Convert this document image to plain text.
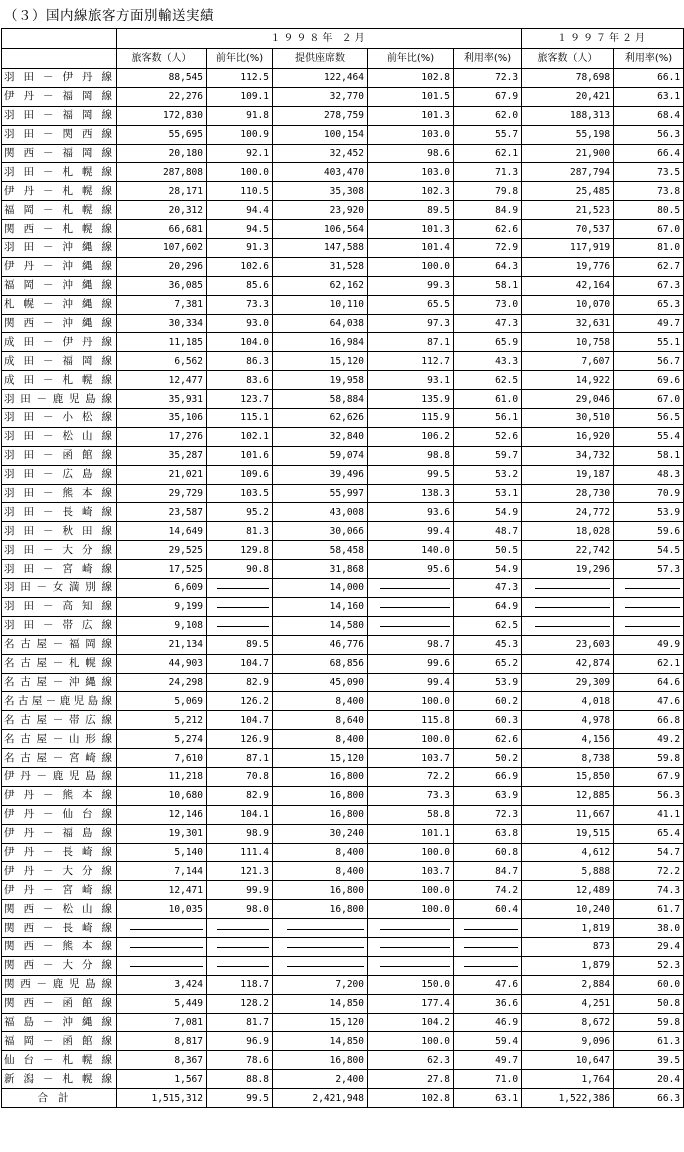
（３）国内線旅客方面別輸送実績
	１９９８年 ２月					１９９７年２月	
	旅客数（人）	前年比(%)	提供座席数	前年比(%)	利用率(%)	旅客数（人）	利用率(%)
羽田－伊丹線	88,545	112.5	122,464	102.8	72.3	78,698	66.1
伊丹－福岡線	22,276	109.1	32,770	101.5	67.9	20,421	63.1
羽田－福岡線	172,830	91.8	278,759	101.3	62.0	188,313	68.4
羽田－関西線	55,695	100.9	100,154	103.0	55.7	55,198	56.3
関西－福岡線	20,180	92.1	32,452	98.6	62.1	21,900	66.4
羽田－札幌線	287,808	100.0	403,470	103.0	71.3	287,794	73.5
伊丹－札幌線	28,171	110.5	35,308	102.3	79.8	25,485	73.8
福岡－札幌線	20,312	94.4	23,920	89.5	84.9	21,523	80.5
関西－札幌線	66,681	94.5	106,564	101.3	62.6	70,537	67.0
羽田－沖縄線	107,602	91.3	147,588	101.4	72.9	117,919	81.0
伊丹－沖縄線	20,296	102.6	31,528	100.0	64.3	19,776	62.7
福岡－沖縄線	36,085	85.6	62,162	99.3	58.1	42,164	67.3
札幌－沖縄線	7,381	73.3	10,110	65.5	73.0	10,070	65.3
関西－沖縄線	30,334	93.0	64,038	97.3	47.3	32,631	49.7
成田－伊丹線	11,185	104.0	16,984	87.1	65.9	10,758	55.1
成田－福岡線	6,562	86.3	15,120	112.7	43.3	7,607	56.7
成田－札幌線	12,477	83.6	19,958	93.1	62.5	14,922	69.6
羽田－鹿児島線	35,931	123.7	58,884	135.9	61.0	29,046	67.0
羽田－小松線	35,106	115.1	62,626	115.9	56.1	30,510	56.5
羽田－松山線	17,276	102.1	32,840	106.2	52.6	16,920	55.4
羽田－函館線	35,287	101.6	59,074	98.8	59.7	34,732	58.1
羽田－広島線	21,021	109.6	39,496	99.5	53.2	19,187	48.3
羽田－熊本線	29,729	103.5	55,997	138.3	53.1	28,730	70.9
羽田－長崎線	23,587	95.2	43,008	93.6	54.9	24,772	53.9
羽田－秋田線	14,649	81.3	30,066	99.4	48.7	18,028	59.6
羽田－大分線	29,525	129.8	58,458	140.0	50.5	22,742	54.5
羽田－宮崎線	17,525	90.8	31,868	95.6	54.9	19,296	57.3
羽田－女満別線	6,609		14,000		47.3		
羽田－高知線	9,199		14,160		64.9		
羽田－帯広線	9,108		14,580		62.5		
名古屋－福岡線	21,134	89.5	46,776	98.7	45.3	23,603	49.9
名古屋－札幌線	44,903	104.7	68,856	99.6	65.2	42,874	62.1
名古屋－沖縄線	24,298	82.9	45,090	99.4	53.9	29,309	64.6
名古屋－鹿児島線	5,069	126.2	8,400	100.0	60.2	4,018	47.6
名古屋－帯広線	5,212	104.7	8,640	115.8	60.3	4,978	66.8
名古屋－山形線	5,274	126.9	8,400	100.0	62.6	4,156	49.2
名古屋－宮崎線	7,610	87.1	15,120	103.7	50.2	8,738	59.8
伊丹－鹿児島線	11,218	70.8	16,800	72.2	66.9	15,850	67.9
伊丹－熊本線	10,680	82.9	16,800	73.3	63.9	12,885	56.3
伊丹－仙台線	12,146	104.1	16,800	58.8	72.3	11,667	41.1
伊丹－福島線	19,301	98.9	30,240	101.1	63.8	19,515	65.4
伊丹－長崎線	5,140	111.4	8,400	100.0	60.8	4,612	54.7
伊丹－大分線	7,144	121.3	8,400	103.7	84.7	5,888	72.2
伊丹－宮崎線	12,471	99.9	16,800	100.0	74.2	12,489	74.3
関西－松山線	10,035	98.0	16,800	100.0	60.4	10,240	61.7
関西－長崎線						1,819	38.0
関西－熊本線						873	29.4
関西－大分線						1,879	52.3
関西－鹿児島線	3,424	118.7	7,200	150.0	47.6	2,884	60.0
関西－函館線	5,449	128.2	14,850	177.4	36.6	4,251	50.8
福島－沖縄線	7,081	81.7	15,120	104.2	46.9	8,672	59.8
福岡－函館線	8,817	96.9	14,850	100.0	59.4	9,096	61.3
仙台－札幌線	8,367	78.6	16,800	62.3	49.7	10,647	39.5
新潟－札幌線	1,567	88.8	2,400	27.8	71.0	1,764	20.4
合計	1,515,312	99.5	2,421,948	102.8	63.1	1,522,386	66.3
